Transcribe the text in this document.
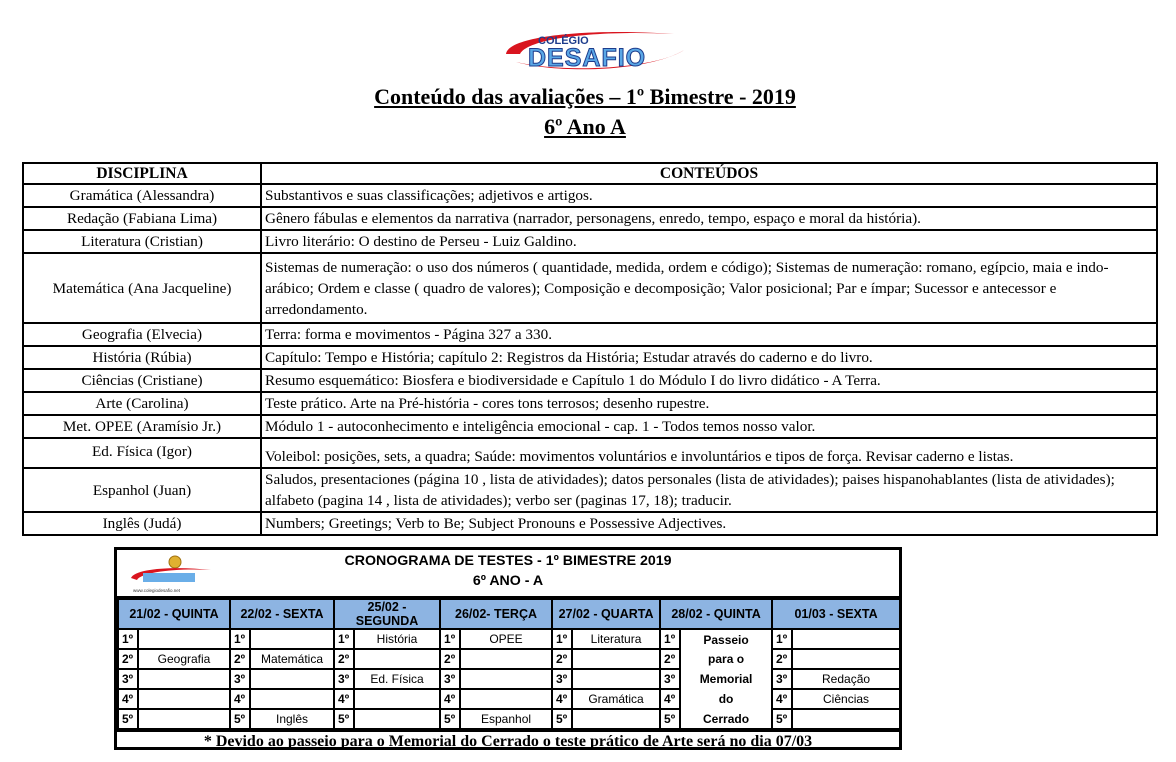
COLÉGIO
DESAFIO
Conteúdo das avaliações – 1º Bimestre - 2019
6º Ano A
DISCIPLINA	CONTEÚDOS
Gramática (Alessandra)	Substantivos e suas classificações; adjetivos e artigos.
Redação (Fabiana Lima)	Gênero fábulas e elementos da narrativa (narrador, personagens, enredo, tempo, espaço e moral da história).
Literatura (Cristian)	Livro literário: O destino de Perseu - Luiz Galdino.
Matemática (Ana Jacqueline)	Sistemas de numeração: o uso dos números ( quantidade, medida, ordem e código); Sistemas de numeração: romano, egípcio, maia e indo-arábico; Ordem e classe ( quadro de valores); Composição e decomposição; Valor posicional; Par e ímpar; Sucessor e antecessor e arredondamento.
Geografia (Elvecia)	Terra: forma e movimentos - Página 327 a 330.
História (Rúbia)	Capítulo: Tempo e História; capítulo 2: Registros da História; Estudar através do caderno e do livro.
Ciências (Cristiane)	Resumo esquemático: Biosfera e biodiversidade e Capítulo 1 do Módulo I do livro didático - A Terra.
Arte (Carolina)	Teste prático. Arte na Pré-história - cores tons terrosos; desenho rupestre.
Met. OPEE (Aramísio Jr.)	Módulo 1 - autoconhecimento e inteligência emocional - cap. 1 - Todos temos nosso valor.
Ed. Física (Igor)	Voleibol: posições, sets, a quadra; Saúde: movimentos voluntários e involuntários e tipos de força. Revisar caderno e listas.
Espanhol (Juan)	Saludos, presentaciones (página 10 , lista de atividades); datos personales (lista de atividades); paises hispanohablantes (lista de atividades); alfabeto (pagina 14 , lista de atividades); verbo ser (paginas 17, 18); traducir.
Inglês (Judá)	Numbers; Greetings; Verb to Be; Subject Pronouns e Possessive Adjectives.
www.colegiodesafio.net
CRONOGRAMA DE TESTES - 1º BIMESTRE 2019
6º ANO - A
21/02 - QUINTA		22/02 - SEXTA		25/02 - SEGUNDA		26/02- TERÇA		27/02 - QUARTA		28/02 - QUINTA		01/03 - SEXTA	
1º		1º		1º	História	1º	OPEE	1º	Literatura	1º	Passeio	1º	
2º	Geografia	2º	Matemática	2º		2º		2º		2º	para o	2º	
3º		3º		3º	Ed. Física	3º		3º		3º	Memorial	3º	Redação
4º		4º		4º		4º		4º	Gramática	4º	do	4º	Ciências
5º		5º	Inglês	5º		5º	Espanhol	5º		5º	Cerrado	5º	
* Devido ao passeio para o Memorial do Cerrado o teste prático de Arte será no dia 07/03
